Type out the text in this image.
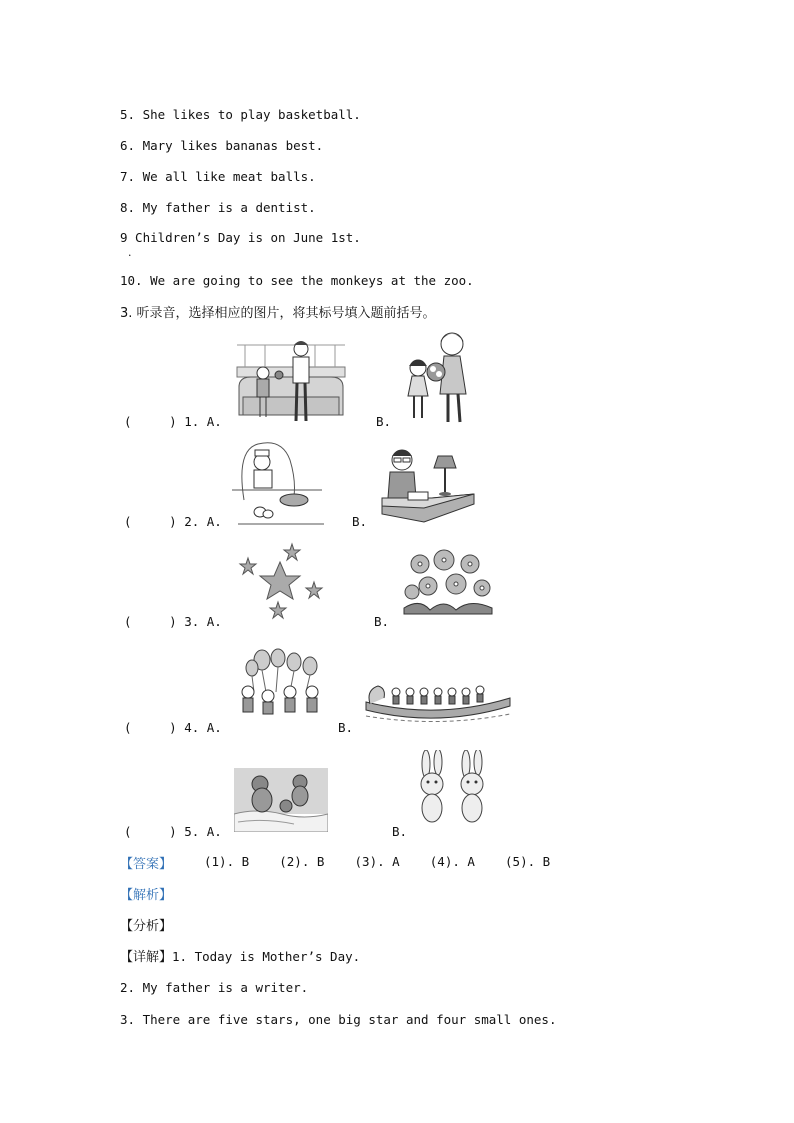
5. She likes to play basketball.
6. Mary likes bananas best.
7. We all like meat balls.
8. My father is a dentist.
9 Children’s Day is on June 1st.
·
10. We are going to see the monkeys at the zoo.
3. 听录音，选择相应的图片，将其标号填入题前括号。
(     ) 1. A.	B.
(     ) 2. A.	B.
(     ) 3. A.	B.
(     ) 4. A.	B.
(     ) 5. A.	B.
【答案】	(1). B    (2). B    (3). A    (4). A    (5). B
【解析】
【分析】
【详解】1. Today is Mother’s Day.
2. My father is a writer.
3. There are five stars, one big star and four small ones.
